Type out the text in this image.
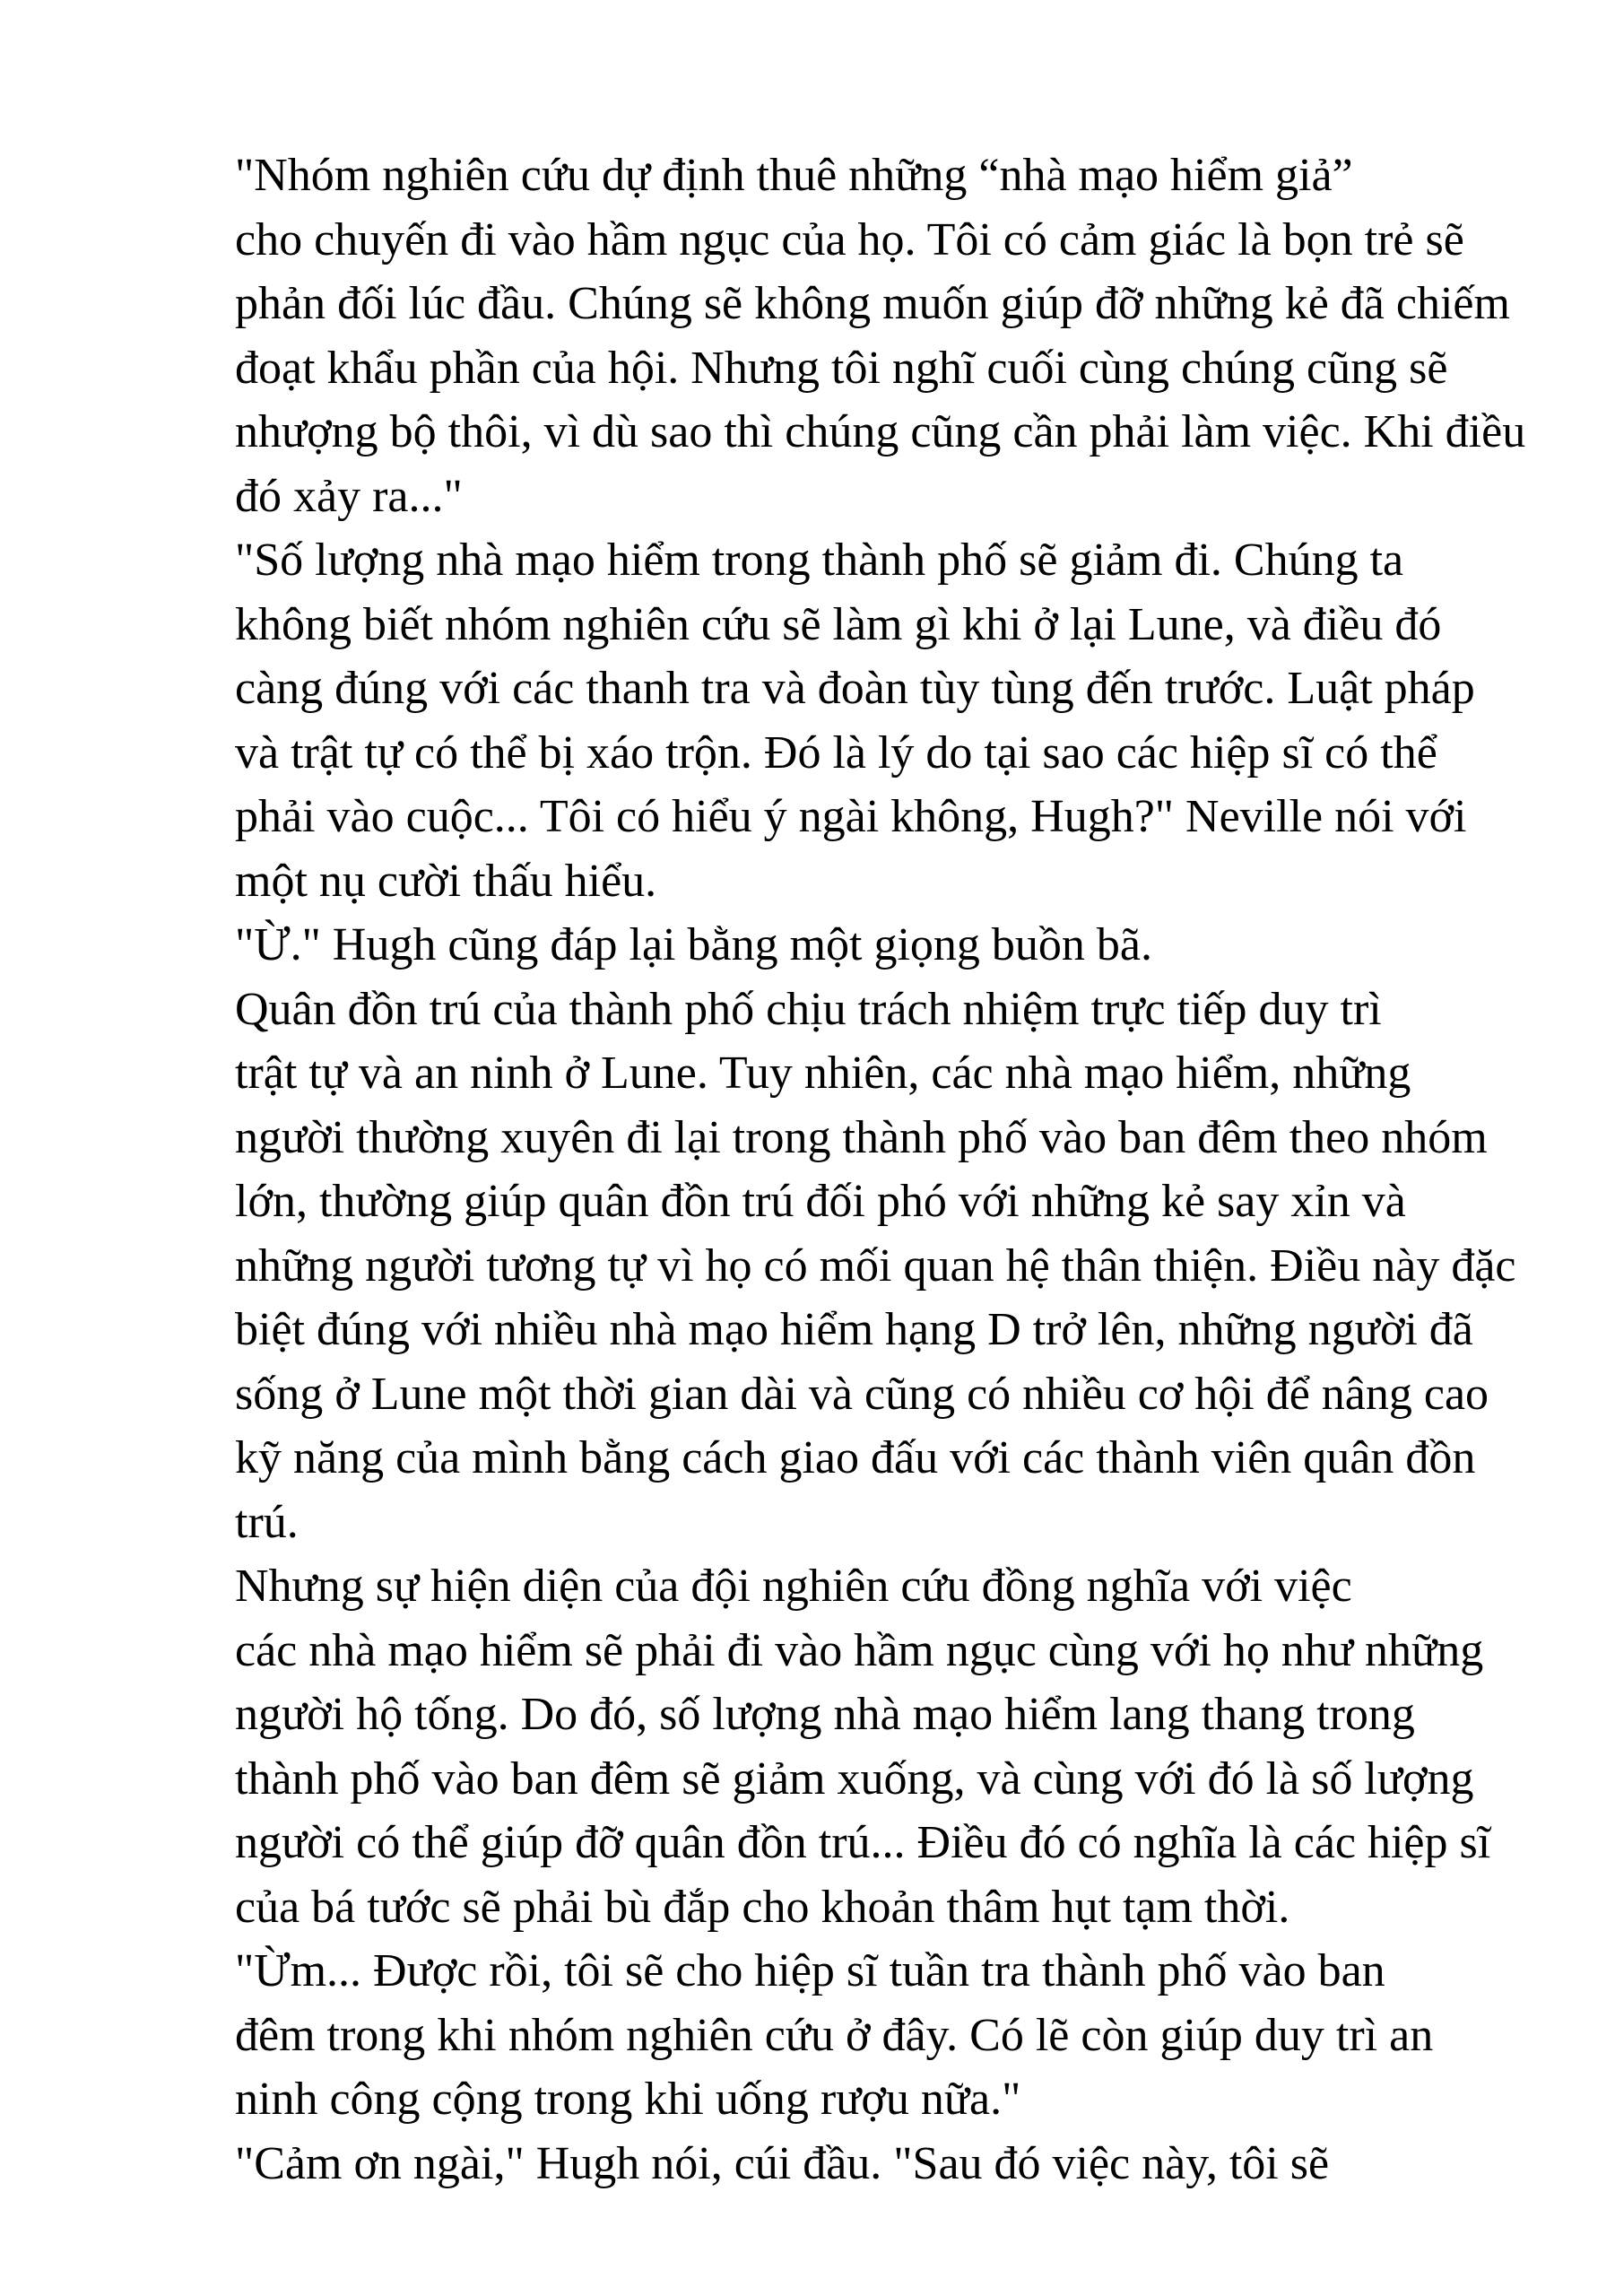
"Nhóm nghiên cứu dự định thuê những “nhà mạo hiểm giả”
cho chuyến đi vào hầm ngục của họ. Tôi có cảm giác là bọn trẻ sẽ
phản đối lúc đầu. Chúng sẽ không muốn giúp đỡ những kẻ đã chiếm
đoạt khẩu phần của hội. Nhưng tôi nghĩ cuối cùng chúng cũng sẽ
nhượng bộ thôi, vì dù sao thì chúng cũng cần phải làm việc. Khi điều
đó xảy ra..."

"Số lượng nhà mạo hiểm trong thành phố sẽ giảm đi. Chúng ta
không biết nhóm nghiên cứu sẽ làm gì khi ở lại Lune, và điều đó
càng đúng với các thanh tra và đoàn tùy tùng đến trước. Luật pháp
và trật tự có thể bị xáo trộn. Đó là lý do tại sao các hiệp sĩ có thể
phải vào cuộc... Tôi có hiểu ý ngài không, Hugh?" Neville nói với
một nụ cười thấu hiểu.

"Ừ." Hugh cũng đáp lại bằng một giọng buồn bã.

Quân đồn trú của thành phố chịu trách nhiệm trực tiếp duy trì
trật tự và an ninh ở Lune. Tuy nhiên, các nhà mạo hiểm, những
người thường xuyên đi lại trong thành phố vào ban đêm theo nhóm
lớn, thường giúp quân đồn trú đối phó với những kẻ say xỉn và
những người tương tự vì họ có mối quan hệ thân thiện. Điều này đặc
biệt đúng với nhiều nhà mạo hiểm hạng D trở lên, những người đã
sống ở Lune một thời gian dài và cũng có nhiều cơ hội để nâng cao
kỹ năng của mình bằng cách giao đấu với các thành viên quân đồn
trú.

Nhưng sự hiện diện của đội nghiên cứu đồng nghĩa với việc
các nhà mạo hiểm sẽ phải đi vào hầm ngục cùng với họ như những
người hộ tống. Do đó, số lượng nhà mạo hiểm lang thang trong
thành phố vào ban đêm sẽ giảm xuống, và cùng với đó là số lượng
người có thể giúp đỡ quân đồn trú... Điều đó có nghĩa là các hiệp sĩ
của bá tước sẽ phải bù đắp cho khoản thâm hụt tạm thời.

"Ừm... Được rồi, tôi sẽ cho hiệp sĩ tuần tra thành phố vào ban
đêm trong khi nhóm nghiên cứu ở đây. Có lẽ còn giúp duy trì an
ninh công cộng trong khi uống rượu nữa."

"Cảm ơn ngài," Hugh nói, cúi đầu. "Sau đó việc này, tôi sẽ
